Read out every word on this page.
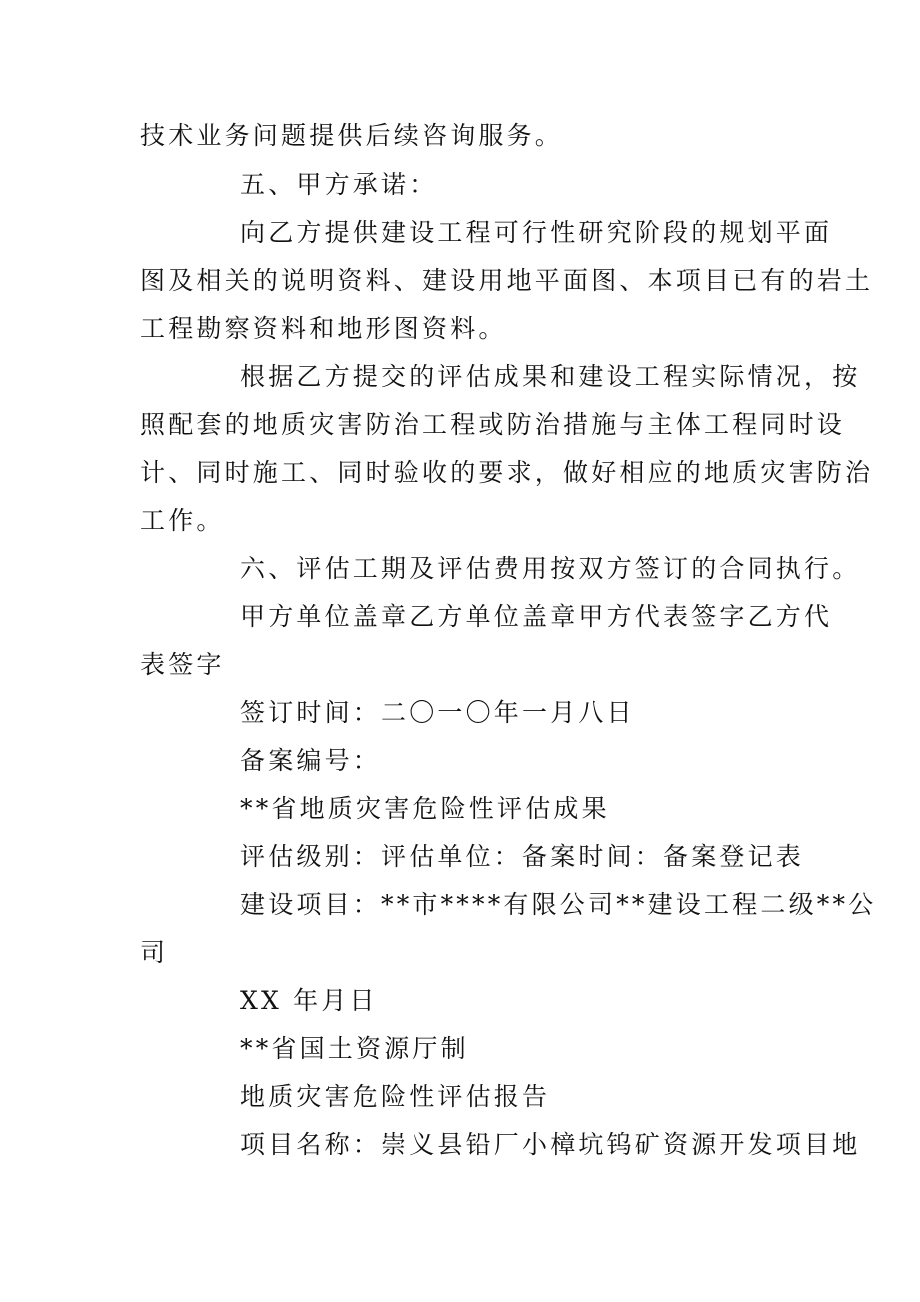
技术业务问题提供后续咨询服务。
五、甲方承诺：
向乙方提供建设工程可行性研究阶段的规划平面
图及相关的说明资料、建设用地平面图、本项目已有的岩土
工程勘察资料和地形图资料。
根据乙方提交的评估成果和建设工程实际情况，按
照配套的地质灾害防治工程或防治措施与主体工程同时设
计、同时施工、同时验收的要求，做好相应的地质灾害防治
工作。
六、评估工期及评估费用按双方签订的合同执行。
甲方单位盖章乙方单位盖章甲方代表签字乙方代
表签字
签订时间：二〇一〇年一月八日
备案编号：
**省地质灾害危险性评估成果
评估级别：评估单位：备案时间：备案登记表
建设项目：**市****有限公司**建设工程二级**公
司
XX 年月日
**省国土资源厅制
地质灾害危险性评估报告
项目名称：崇义县铅厂小樟坑钨矿资源开发项目地
